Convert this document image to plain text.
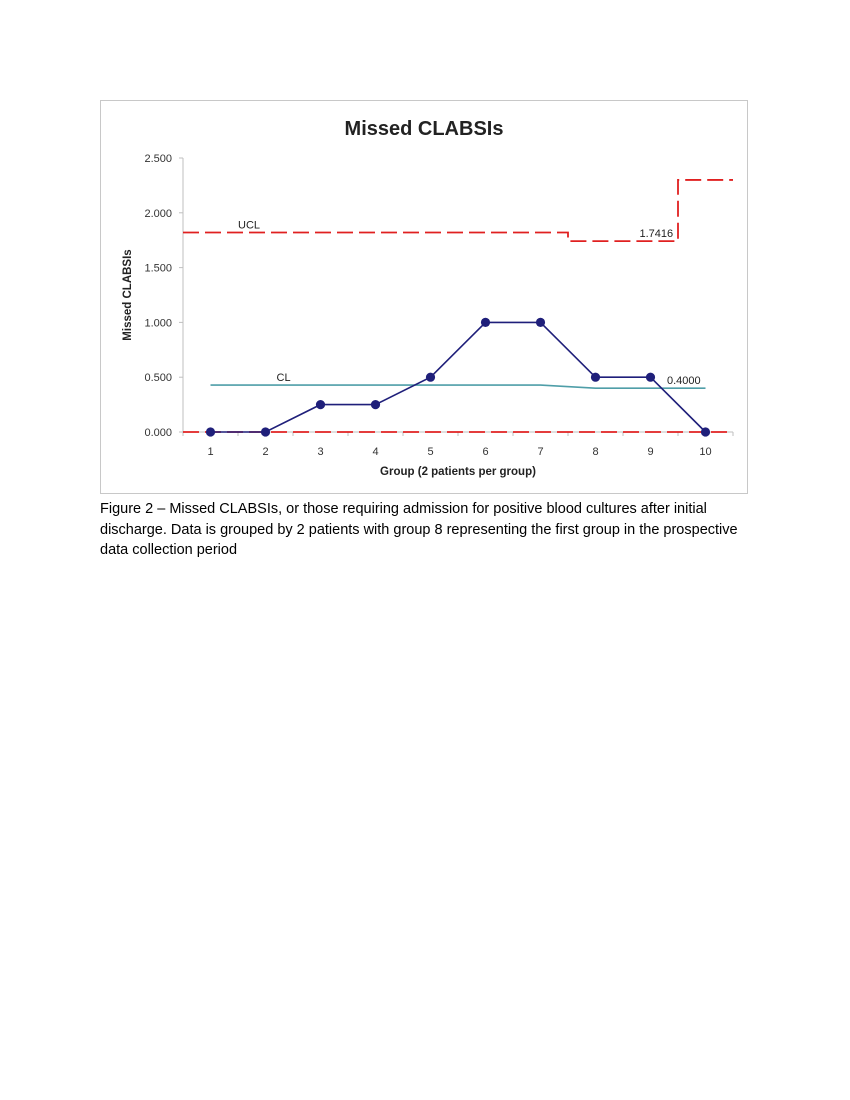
Missed CLABSIs
Missed CLABSIs
Group (2 patients per group)
0.000
0.500
1.000
1.500
2.000
2.500
1	2	3	4	5	6	7	8	9	10
UCL
CL
1.7416
0.4000
Figure 2 – Missed CLABSIs, or those requiring admission for positive blood cultures after initial discharge. Data is grouped by 2 patients with group 8 representing the first group in the prospective data collection period
